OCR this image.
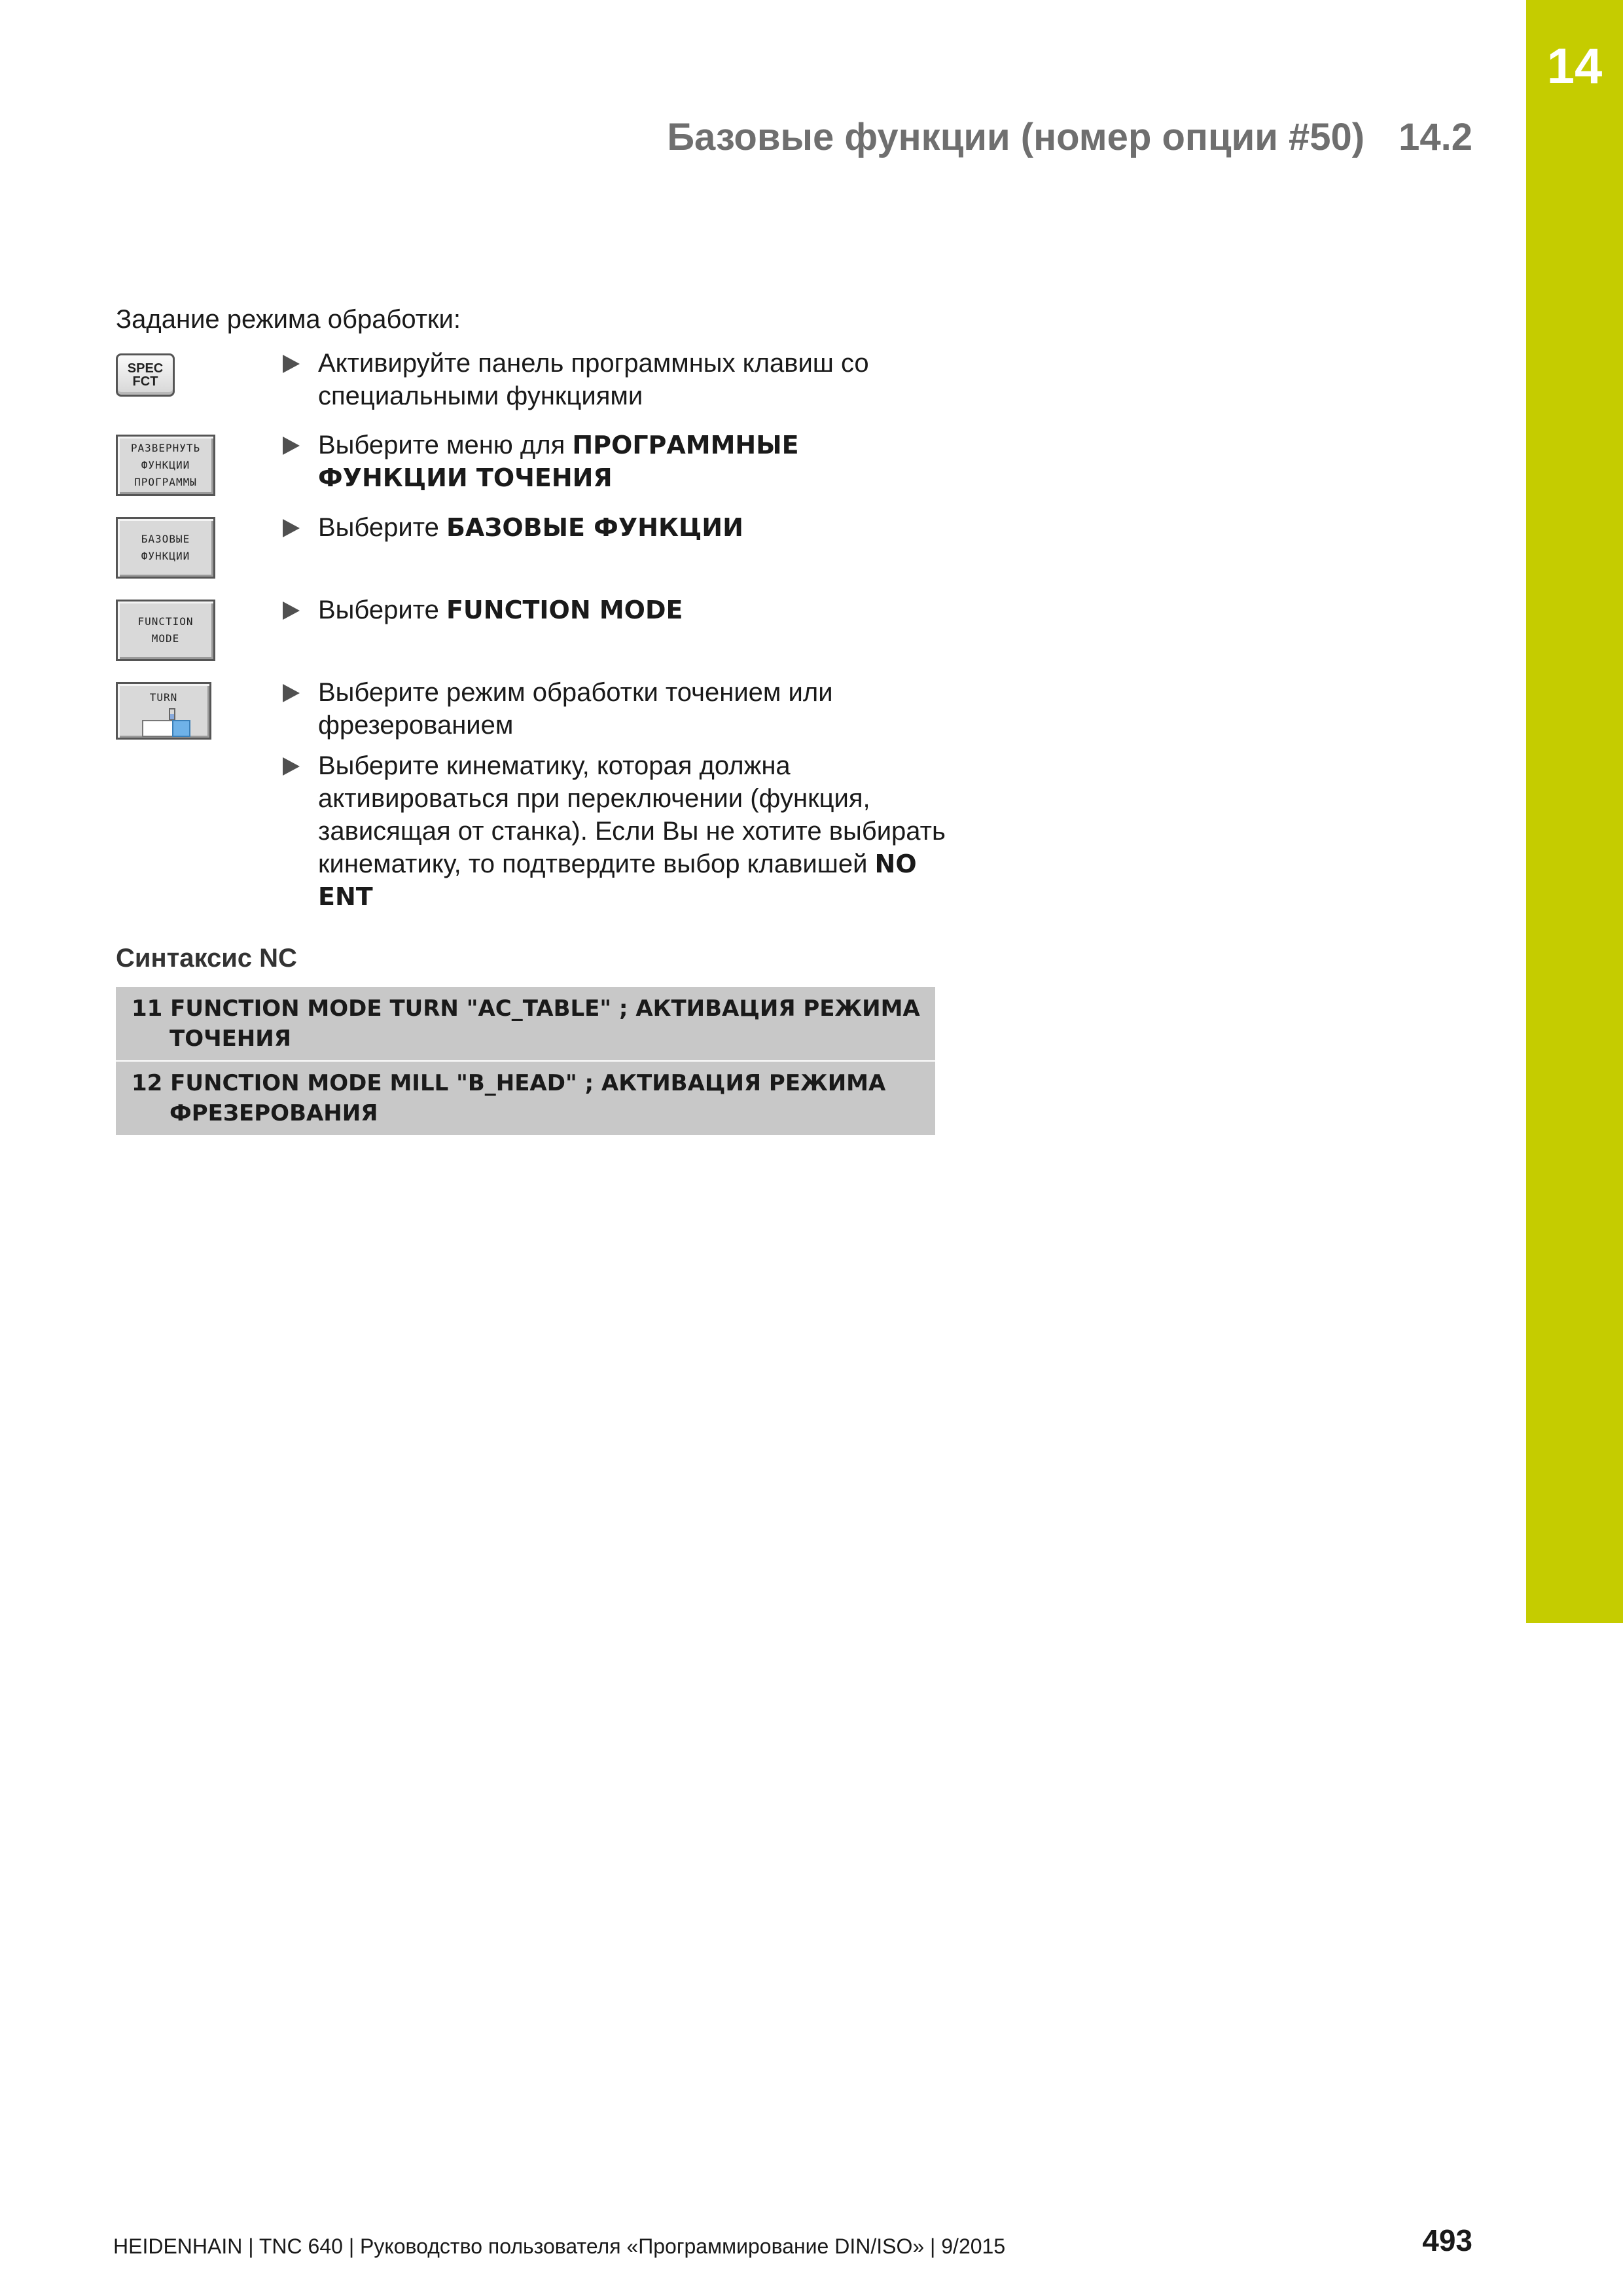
14
Базовые функции (номер опции #50) 14.2
Задание режима обработки:
SPEC
FCT
Активируйте панель программных клавиш со специальными функциями
РАЗВЕРНУТЬ
ФУНКЦИИ
ПРОГРАММЫ
Выберите меню для ПРОГРАММНЫЕ ФУНКЦИИ ТОЧЕНИЯ
БАЗОВЫЕ
ФУНКЦИИ
Выберите БАЗОВЫЕ ФУНКЦИИ
FUNCTION
MODE
Выберите FUNCTION MODE
TURN	Выберите режим обработки точением или фрезерованием
Выберите кинематику, которая должна активироваться при переключении (функция, зависящая от станка). Если Вы не хотите выбирать кинематику, то подтвердите выбор клавишей NO ENT
Синтаксис NC
11 FUNCTION MODE TURN "AC_TABLE" ; АКТИВАЦИЯ РЕЖИМА
ТОЧЕНИЯ
12 FUNCTION MODE MILL "B_HEAD" ; АКТИВАЦИЯ РЕЖИМА
ФРЕЗЕРОВАНИЯ
HEIDENHAIN | TNC 640 | Руководство пользователя «Программирование DIN/ISO» | 9/2015	493
